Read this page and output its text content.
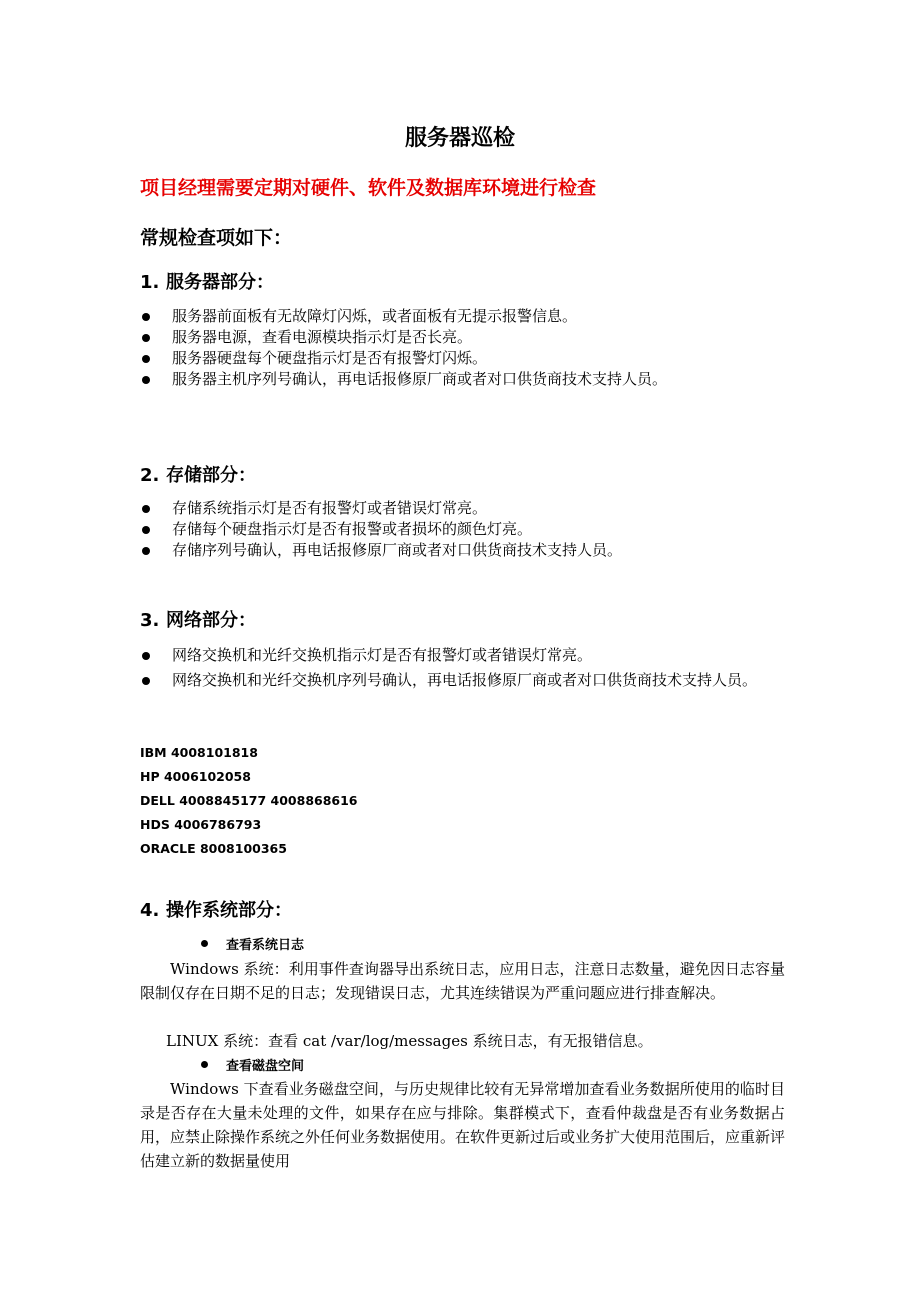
服务器巡检
项目经理需要定期对硬件、软件及数据库环境进行检查
常规检查项如下：
1. 服务器部分：
服务器前面板有无故障灯闪烁，或者面板有无提示报警信息。
服务器电源，查看电源模块指示灯是否长亮。
服务器硬盘每个硬盘指示灯是否有报警灯闪烁。
服务器主机序列号确认，再电话报修原厂商或者对口供货商技术支持人员。
2. 存储部分：
存储系统指示灯是否有报警灯或者错误灯常亮。
存储每个硬盘指示灯是否有报警或者损坏的颜色灯亮。
存储序列号确认，再电话报修原厂商或者对口供货商技术支持人员。
3. 网络部分：
网络交换机和光纤交换机指示灯是否有报警灯或者错误灯常亮。
网络交换机和光纤交换机序列号确认，再电话报修原厂商或者对口供货商技术支持人员。
IBM 4008101818
HP 4006102058
DELL 4008845177 4008868616
HDS 4006786793
ORACLE 8008100365
4. 操作系统部分：
查看系统日志

Windows 系统：利用事件查询器导出系统日志，应用日志，注意日志数量，避免因日志容量限制仅存在日期不足的日志；发现错误日志，尤其连续错误为严重问题应进行排查解决。

LINUX 系统：查看 cat /var/log/messages 系统日志，有无报错信息。

查看磁盘空间

Windows 下查看业务磁盘空间，与历史规律比较有无异常增加查看业务数据所使用的临时目录是否存在大量未处理的文件，如果存在应与排除。集群模式下，查看仲裁盘是否有业务数据占用，应禁止除操作系统之外任何业务数据使用。在软件更新过后或业务扩大使用范围后，应重新评估建立新的数据量使用
